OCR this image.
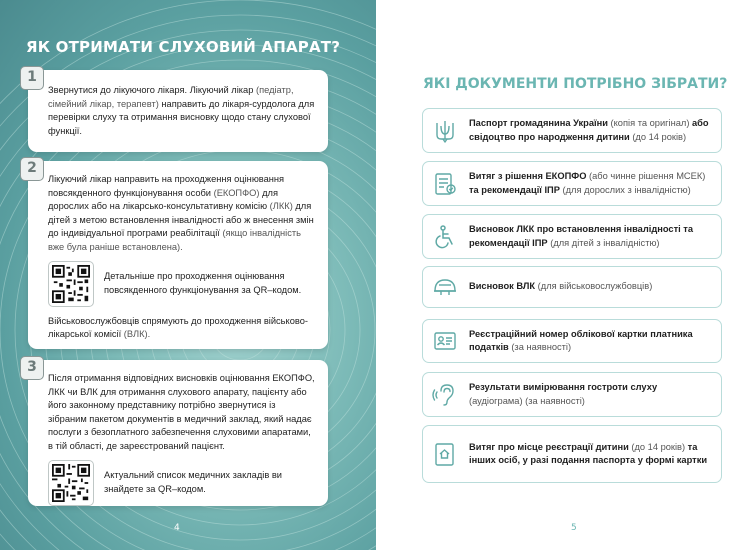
ЯК ОТРИМАТИ СЛУХОВИЙ АПАРАТ?
1

Звернутися до лікуючого лікаря. Лікуючий лікар (педіатр, сімейний лікар, терапевт) направить до лікаря-сурдолога для перевірки слуху та отримання висновку щодо стану слухової функції.

2

Лікуючий лікар направить на проходження оцінювання повсякденного функціонування особи (ЕКОПФО) для дорослих або на лікарсько-консультативну комісію (ЛКК) для дітей з метою встановлення інвалідності або ж внесення змін до індивідуальної програми реабілітації (якщо інвалідність вже була раніше встановлена).

Детальніше про проходження оцінювання повсякденного функціонування за QR–кодом.

Військовослужбовців спрямують до проходження військово-лікарської комісії (ВЛК).

3

Після отримання відповідних висновків оцінювання ЕКОПФО, ЛКК чи ВЛК для отримання слухового апарату, пацієнту або його законному представнику потрібно звернутися із зібраним пакетом документів в медичний заклад, який надає послуги з безоплатного забезпечення слуховими апаратами, в тій області, де зареєстрований пацієнт.

Актуальний список медичних закладів ви знайдете за QR–кодом.

4
ЯКІ ДОКУМЕНТИ ПОТРІБНО ЗІБРАТИ?
Паспорт громадянина України (копія та оригінал) або свідоцтво про народження дитини (до 14 років)
Витяг з рішення ЕКОПФО (або чинне рішення МСЕК) та рекомендації ІПР (для дорослих з інвалідністю)
Висновок ЛКК про встановлення інвалідності та рекомендації ІПР (для дітей з інвалідністю)
Висновок ВЛК (для військовослужбовців)
Реєстраційний номер облікової картки платника податків (за наявності)
Результати вимірювання гостроти слуху (аудіограма) (за наявності)
Витяг про місце реєстрації дитини (до 14 років) та інших осіб, у разі подання паспорта у формі картки
5
